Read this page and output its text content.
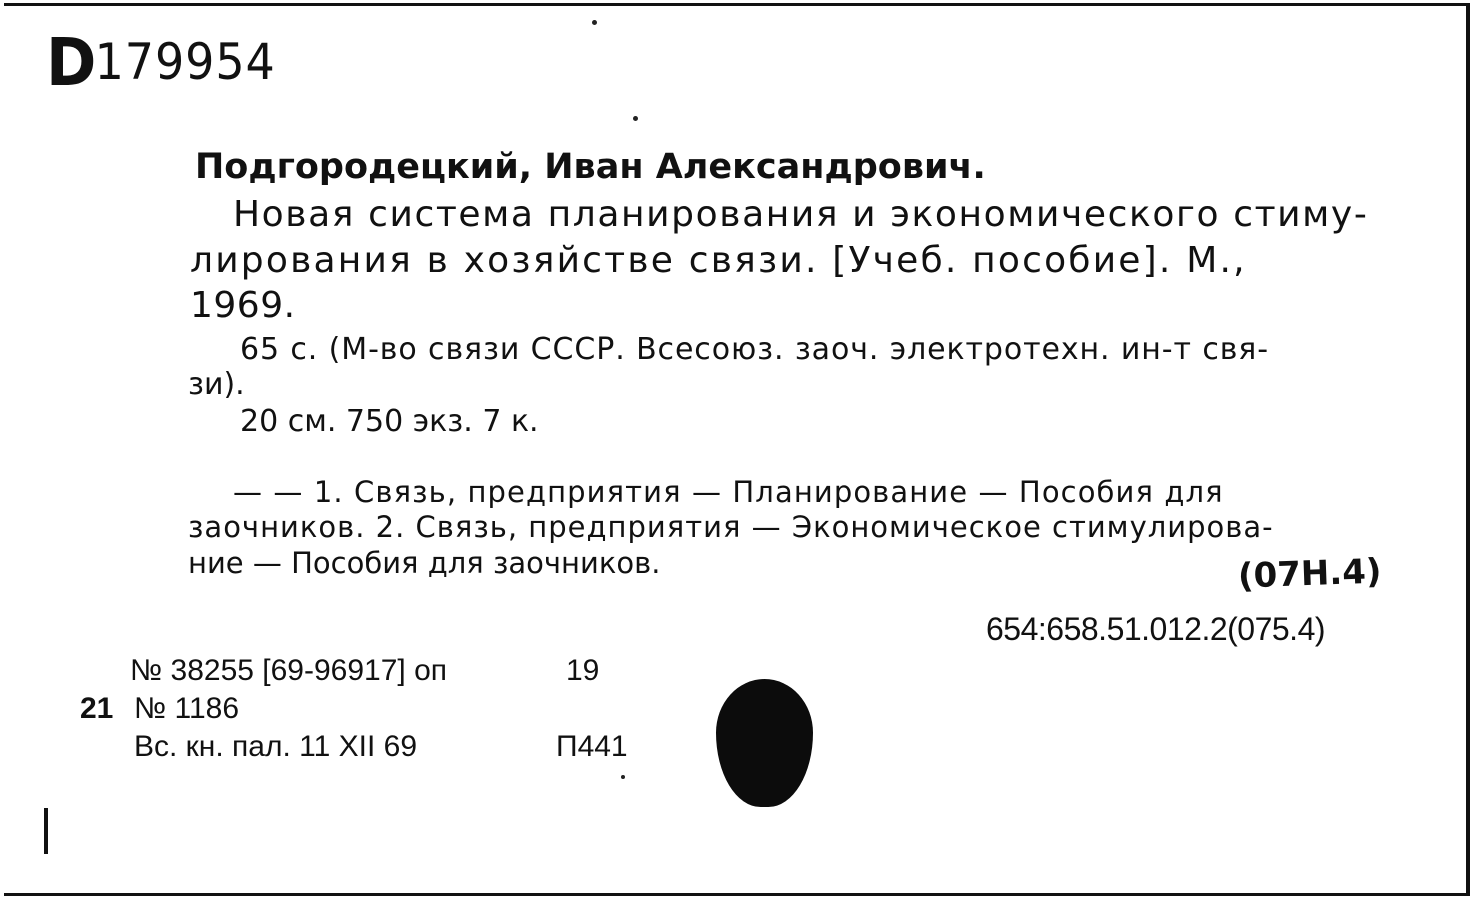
D179954
Подгородецкий, Иван Александрович.
Новая система планирования и экономического стиму-
лирования в хозяйстве связи. [Учеб. пособие]. М.,
1969.
65 с. (М-во связи СССР. Всесоюз. заоч. электротехн. ин-т свя-
зи).
20 см. 750 экз. 7 к.
— — 1. Связь, предприятия — Планирование — Пособия для
заочников. 2. Связь, предприятия — Экономическое стимулирова-
ние — Пособия для заочников.	(07Н.4)
654:658.51.012.2(075.4)
№ 38255 [69-96917] оп	19
21 № 1186
Вс. кн. пал. 11 XII 69	П441
